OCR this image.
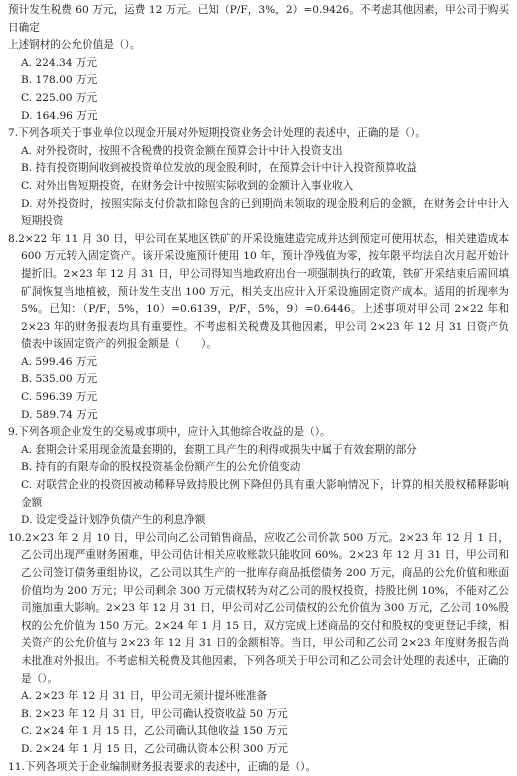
预计发生税费 60 万元，运费 12 万元。已知（P/F，3%，2）=0.9426。不考虑其他因素，甲公司于购买日确定
上述钢材的公允价值是（）。
A. 224.34 万元
B. 178.00 万元
C. 225.00 万元
D. 164.96 万元
7.下列各项关于事业单位以现金开展对外短期投资业务会计处理的表述中，正确的是（）。
A. 对外投资时，按照不含税费的投资金额在预算会计中计入投资支出
B. 持有投资期间收到被投资单位发放的现金股利时，在预算会计中计入投资预算收益
C. 对外出售短期投资，在财务会计中按照实际收到的金额计入事业收入
D. 对外投资时，按照实际支付价款扣除包含的已到期尚未领取的现金股利后的金额，在财务会计中计入短期投资
8.2×22 年 11 月 30 日，甲公司在某地区铁矿的开采设施建造完成并达到预定可使用状态，相关建造成本 600 万元转入固定资产。该开采设施预计使用 10 年，预计净残值为零，按年限平均法自次月起开始计提折旧。2×23 年 12 月 31 日，甲公司得知当地政府出台一项强制执行的政策，铁矿开采结束后需回填矿洞恢复当地植被，预计发生支出 100 万元，相关支出应计入开采设施固定资产成本。适用的折现率为 5%。已知：（P/F，5%，10）=0.6139，P/F，5%，9）=0.6446。上述事项对甲公司 2×22 年和 2×23 年的财务报表均具有重要性。不考虑相关税费及其他因素，甲公司 2×23 年 12 月 31 日资产负债表中该固定资产的列报金额是（　　）。
A. 599.46 万元
B. 535.00 万元
C. 596.39 万元
D. 589.74 万元
9.下列各项企业发生的交易或事项中，应计入其他综合收益的是（）。
A. 套期会计采用现金流量套期的，套期工具产生的利得或损失中属于有效套期的部分
B. 持有的有限寿命的股权投资基金份额产生的公允价值变动
C. 对联营企业的投资因被动稀释导致持股比例下降但仍具有重大影响情况下，计算的相关股权稀释影响金额
D. 设定受益计划净负债产生的利息净额
10.2×23 年 2 月 10 日，甲公司向乙公司销售商品，应收乙公司价款 500 万元。2×23 年 12 月 1 日，乙公司出现严重财务困难，甲公司估计相关应收账款只能收回 60%。2×23 年 12 月 31 日，甲公司和乙公司签订债务重组协议，乙公司以其生产的一批库存商品抵偿债务 200 万元，商品的公允价值和账面价值均为 200 万元；甲公司剩余 300 万元债权转为对乙公司的股权投资，持股比例 10%，不能对乙公司施加重大影响。2×23 年 12 月 31 日，甲公司对乙公司债权的公允价值为 300 万元，乙公司 10%股权的公允价值为 150 万元。2×24 年 1 月 15 日，双方完成上述商品的交付和股权的变更登记手续，相关资产的公允价值与 2×23 年 12 月 31 日的金额相等。当日，甲公司和乙公司 2×23 年度财务报告尚未批准对外报出。不考虑相关税费及其他因素，下列各项关于甲公司和乙公司会计处理的表述中，正确的是（）。
A. 2×23 年 12 月 31 日，甲公司无须计提坏账准备
B. 2×23 年 12 月 31 日，甲公司确认投资收益 50 万元
C. 2×24 年 1 月 15 日，乙公司确认其他收益 150 万元
D. 2×24 年 1 月 15 日，乙公司确认资本公积 300 万元
11.下列各项关于企业编制财务报表要求的表述中，正确的是（）。
